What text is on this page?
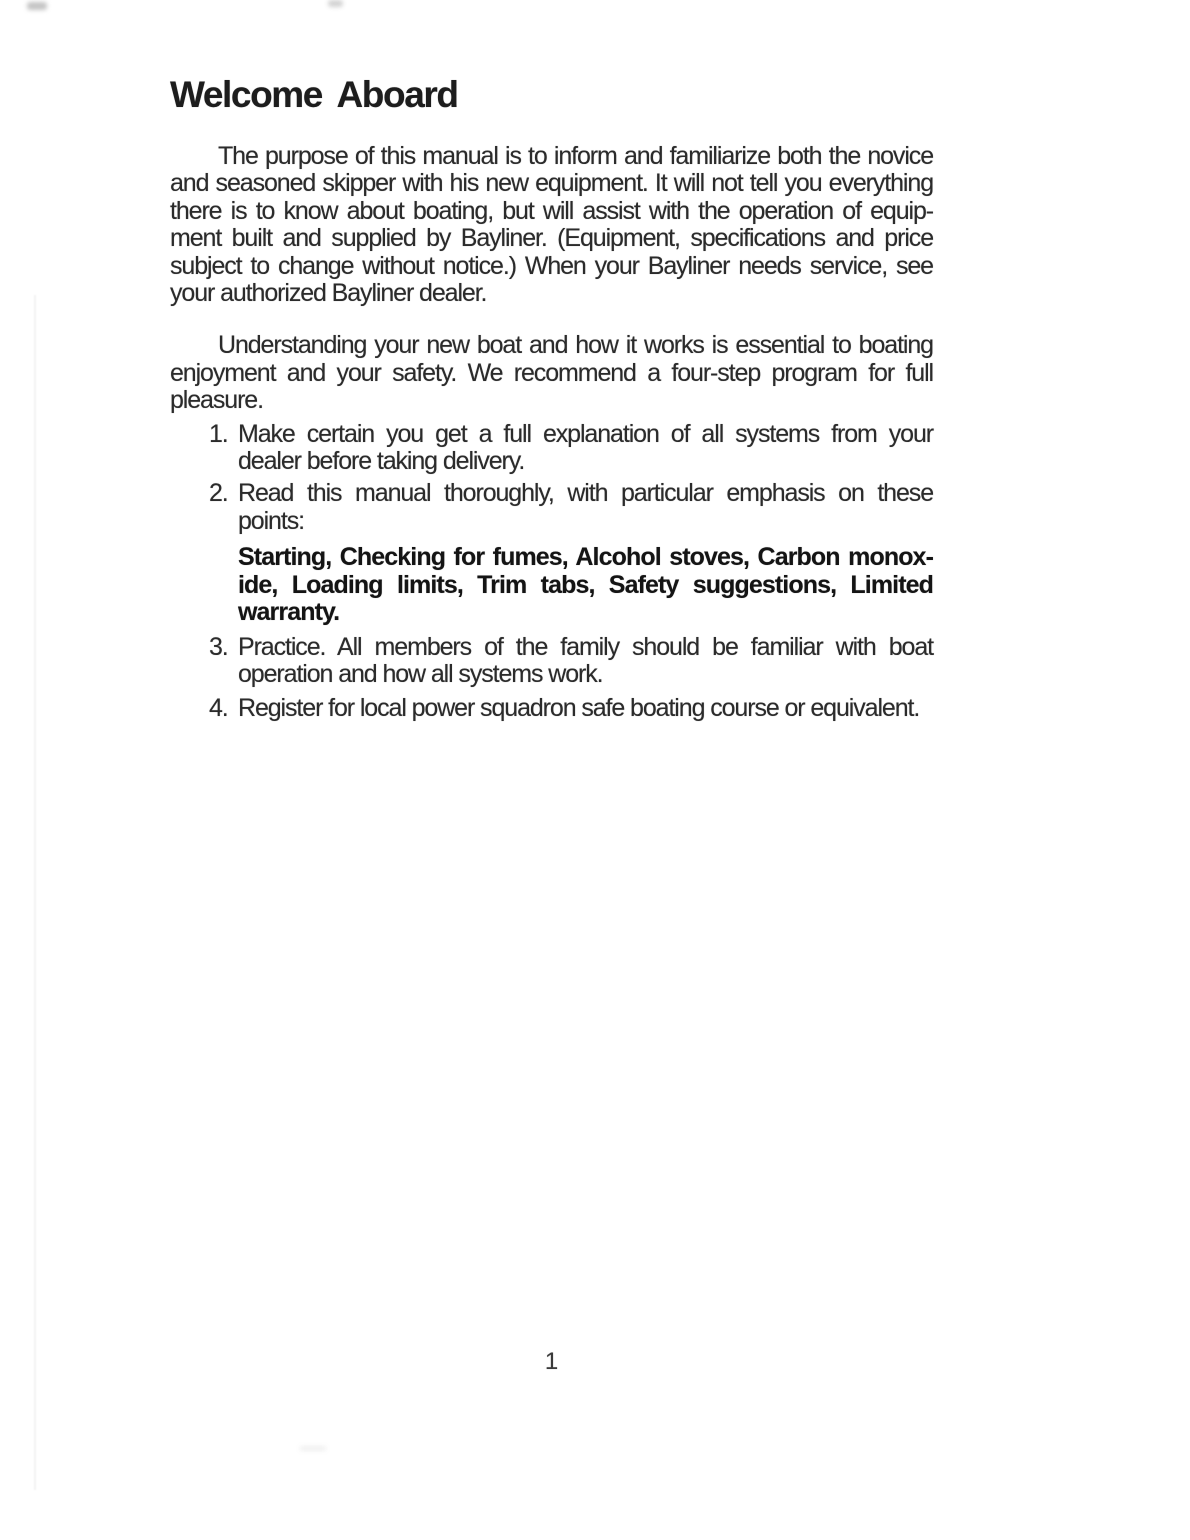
Welcome Aboard
The purpose of this manual is to inform and familiarize both the novice
and seasoned skipper with his new equipment. It will not tell you everything
there is to know about boating, but will assist with the operation of equip-
ment built and supplied by Bayliner. (Equipment, specifications and price
subject to change without notice.) When your Bayliner needs service, see
your authorized Bayliner dealer.
Understanding your new boat and how it works is essential to boating
enjoyment and your safety. We recommend a four-step program for full
pleasure.
1. Make certain you get a full explanation of all systems from your
dealer before taking delivery.
2. Read this manual thoroughly, with particular emphasis on these
points:
Starting, Checking for fumes, Alcohol stoves, Carbon monox-
ide, Loading limits, Trim tabs, Safety suggestions, Limited
warranty.
3. Practice. All members of the family should be familiar with boat
operation and how all systems work.
4. Register for local power squadron safe boating course or equivalent.
1
